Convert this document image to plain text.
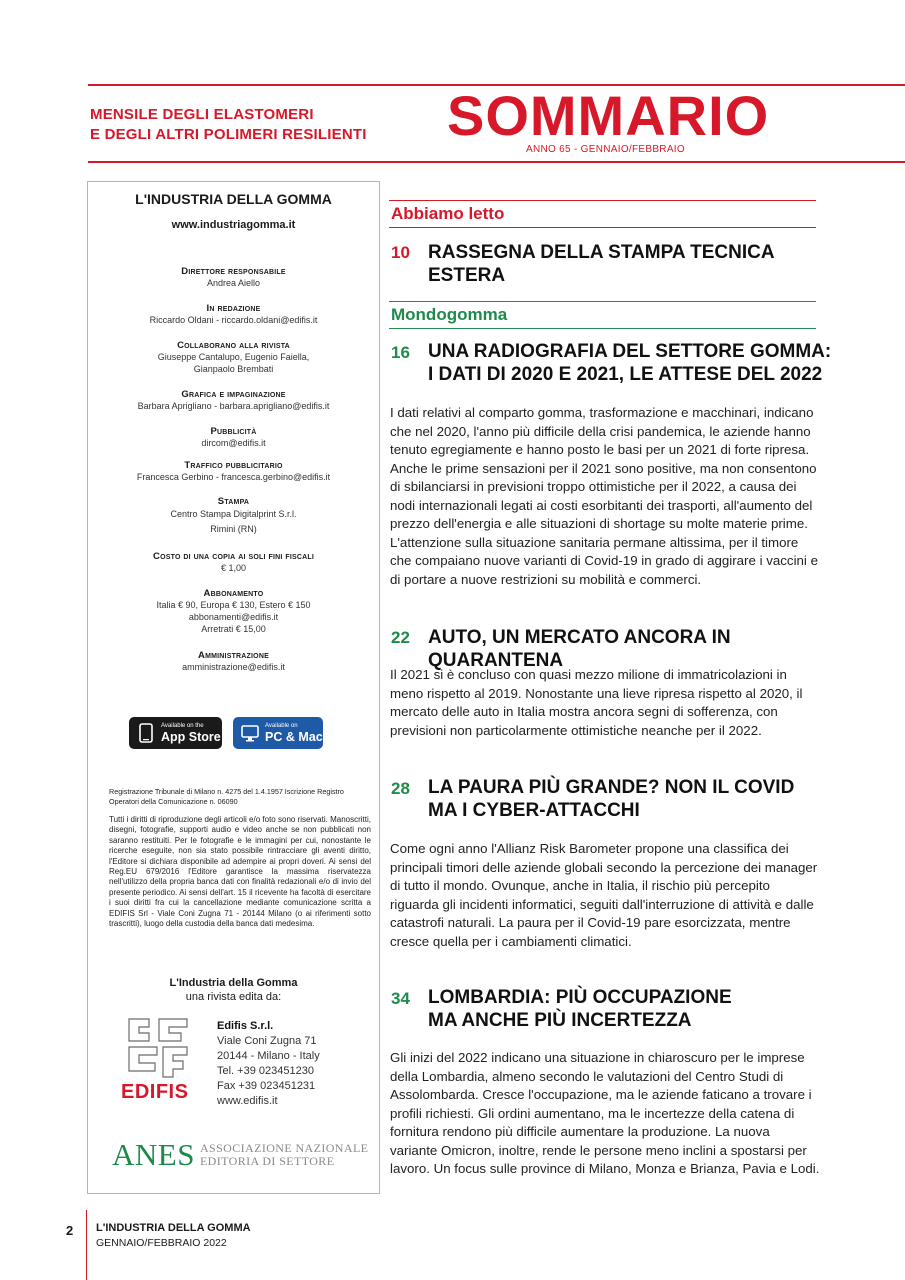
MENSILE DEGLI ELASTOMERI
E DEGLI ALTRI POLIMERI RESILIENTI SOMMARIO
ANNO 65 - GENNAIO/FEBBRAIO
L'INDUSTRIA DELLA GOMMA
www.industriagomma.it
Direttore responsabile
Andrea Aiello
In redazione
Riccardo Oldani - riccardo.oldani@edifis.it
Collaborano alla rivista
Giuseppe Cantalupo, Eugenio Faiella,
Gianpaolo Brembati
Grafica e impaginazione
Barbara Aprigliano - barbara.aprigliano@edifis.it
Pubblicità
dircom@edifis.it
Traffico pubblicitario
Francesca Gerbino - francesca.gerbino@edifis.it
Stampa
Centro Stampa Digitalprint S.r.l.
Rimini (RN)
Costo di una copia ai soli fini fiscali
€ 1,00
Abbonamento
Italia € 90, Europa € 130, Estero € 150
abbonamenti@edifis.it
Arretrati € 15,00
Amministrazione
amministrazione@edifis.it
Available on the
App Store
Available on
PC & Mac
Registrazione Tribunale di Milano n. 4275 del 1.4.1957 Iscrizione Registro Operatori della Comunicazione n. 06090
Tutti i diritti di riproduzione degli articoli e/o foto sono riservati. Manoscritti, disegni, fotografie, supporti audio e video anche se non pubblicati non saranno restituiti. Per le fotografie e le immagini per cui, nonostante le ricerche eseguite, non sia stato possibile rintracciare gli aventi diritto, l'Editore si dichiara disponibile ad adempire ai propri doveri. Ai sensi del Reg.EU 679/2016 l'Editore garantisce la massima riservatezza nell'utilizzo della propria banca dati con finalità redazionali e/o di invio del presente periodico. Ai sensi dell'art. 15 il ricevente ha facoltà di esercitare i suoi diritti fra cui la cancellazione mediante comunicazione scritta a EDIFIS Srl - Viale Coni Zugna 71 - 20144 Milano (o ai riferimenti sotto trascritti), luogo della custodia della banca dati medesima.
L'Industria della Gomma
una rivista edita da:
EDIFIS
Edifis S.r.l.
Viale Coni Zugna 71
20144 - Milano - Italy
Tel. +39 023451230
Fax +39 023451231
www.edifis.it
ANES ASSOCIAZIONE NAZIONALE
EDITORIA DI SETTORE
Abbiamo letto
10 RASSEGNA DELLA STAMPA TECNICA ESTERA
Mondogomma
16 UNA RADIOGRAFIA DEL SETTORE GOMMA:
I DATI DI 2020 E 2021, LE ATTESE DEL 2022
I dati relativi al comparto gomma, trasformazione e macchinari, indicano che nel 2020, l'anno più difficile della crisi pandemica, le aziende hanno tenuto egregiamente e hanno posto le basi per un 2021 di forte ripresa. Anche le prime sensazioni per il 2021 sono positive, ma non consentono di sbilanciarsi in previsioni troppo ottimistiche per il 2022, a causa dei nodi internazionali legati ai costi esorbitanti dei trasporti, all'aumento del prezzo dell'energia e alle situazioni di shortage su molte materie prime. L'attenzione sulla situazione sanitaria permane altissima, per il timore che compaiano nuove varianti di Covid-19 in grado di aggirare i vaccini e di portare a nuove restrizioni su mobilità e commerci.
22 AUTO, UN MERCATO ANCORA IN QUARANTENA
Il 2021 si è concluso con quasi mezzo milione di immatricolazioni in meno rispetto al 2019. Nonostante una lieve ripresa rispetto al 2020, il mercato delle auto in Italia mostra ancora segni di sofferenza, con previsioni non particolarmente ottimistiche neanche per il 2022.
28 LA PAURA PIÙ GRANDE? NON IL COVID
MA I CYBER-ATTACCHI
Come ogni anno l'Allianz Risk Barometer propone una classifica dei principali timori delle aziende globali secondo la percezione dei manager di tutto il mondo. Ovunque, anche in Italia, il rischio più percepito riguarda gli incidenti informatici, seguiti dall'interruzione di attività e dalle catastrofi naturali. La paura per il Covid-19 pare esorcizzata, mentre cresce quella per i cambiamenti climatici.
34 LOMBARDIA: PIÙ OCCUPAZIONE
MA ANCHE PIÙ INCERTEZZA
Gli inizi del 2022 indicano una situazione in chiaroscuro per le imprese della Lombardia, almeno secondo le valutazioni del Centro Studi di Assolombarda. Cresce l'occupazione, ma le aziende faticano a trovare i profili richiesti. Gli ordini aumentano, ma le incertezze della catena di fornitura rendono più difficile aumentare la produzione. La nuova variante Omicron, inoltre, rende le persone meno inclini a spostarsi per lavoro. Un focus sulle province di Milano, Monza e Brianza, Pavia e Lodi.
2 L'INDUSTRIA DELLA GOMMA
GENNAIO/FEBBRAIO 2022
